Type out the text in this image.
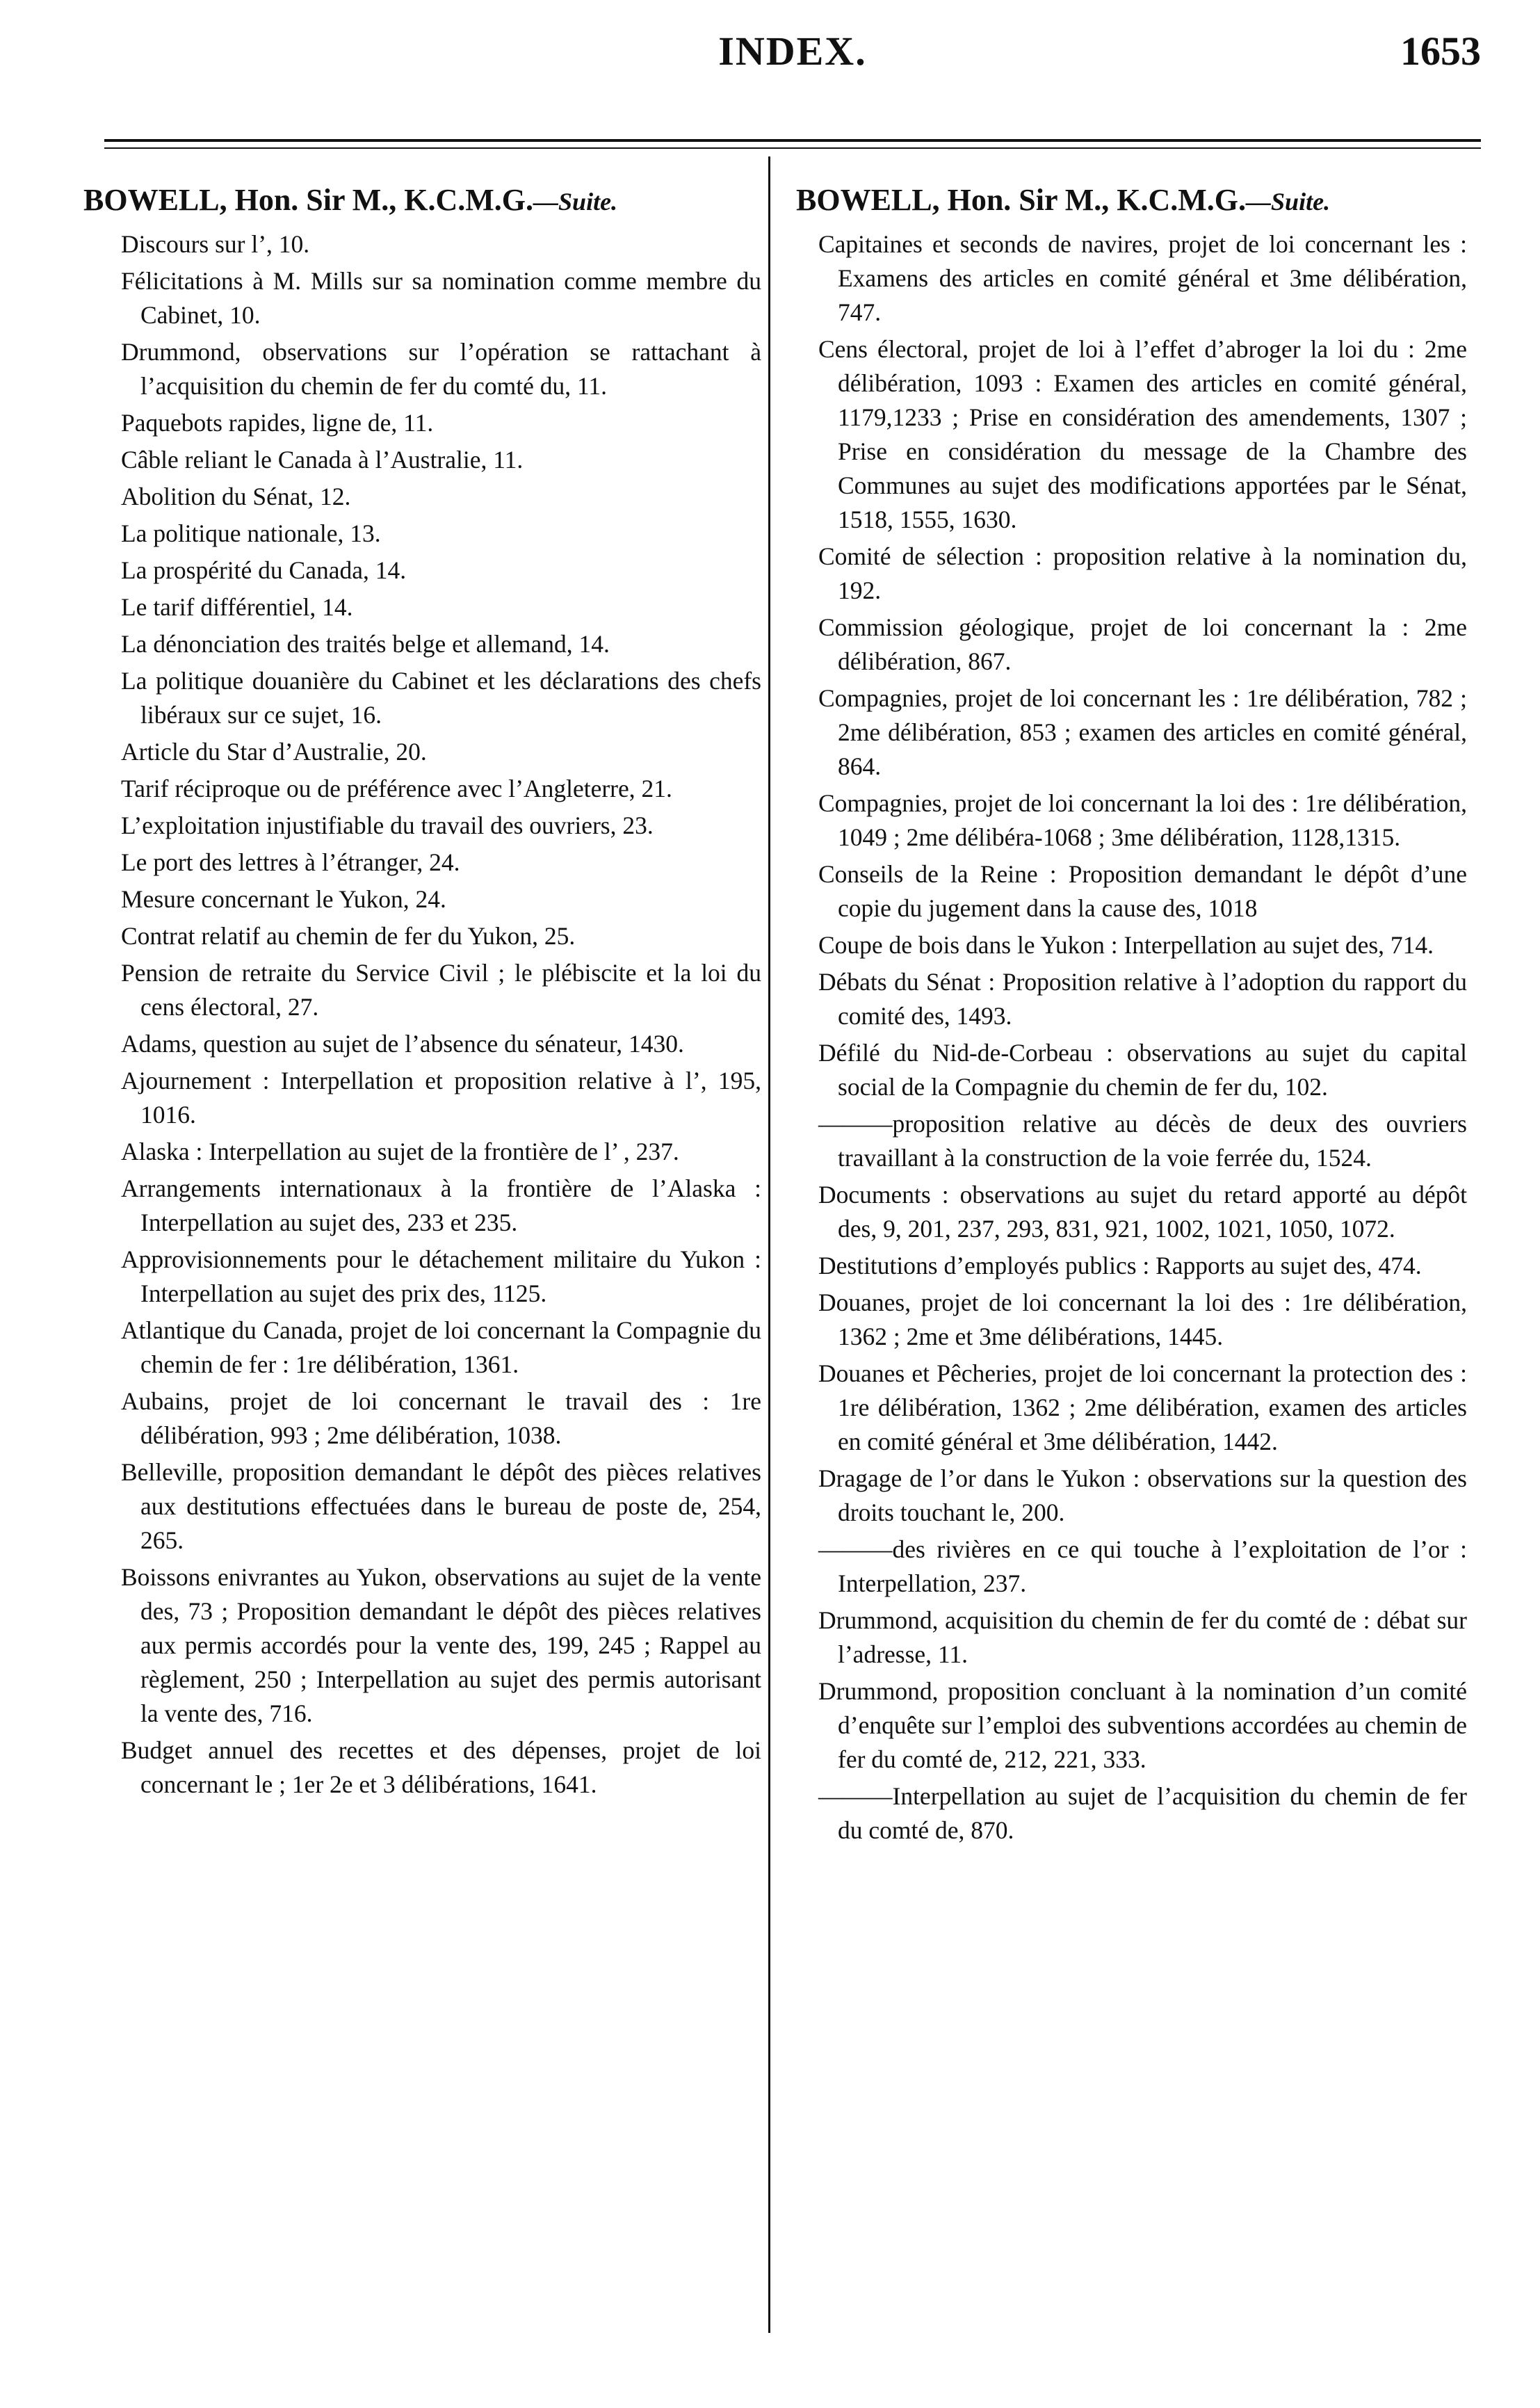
INDEX.	1653
BOWELL, Hon. Sir M., K.C.M.G.—Suite.
Discours sur l’, 10.
Félicitations à M. Mills sur sa nomination comme membre du Cabinet, 10.
Drummond, observations sur l’opération se rattachant à l’acquisition du chemin de fer du comté du, 11.
Paquebots rapides, ligne de, 11.
Câble reliant le Canada à l’Australie, 11.
Abolition du Sénat, 12.
La politique nationale, 13.
La prospérité du Canada, 14.
Le tarif différentiel, 14.
La dénonciation des traités belge et allemand, 14.
La politique douanière du Cabinet et les déclarations des chefs libéraux sur ce sujet, 16.
Article du Star d’Australie, 20.
Tarif réciproque ou de préférence avec l’Angleterre, 21.
L’exploitation injustifiable du travail des ouvriers, 23.
Le port des lettres à l’étranger, 24.
Mesure concernant le Yukon, 24.
Contrat relatif au chemin de fer du Yukon, 25.
Pension de retraite du Service Civil ; le plébiscite et la loi du cens électoral, 27.
Adams, question au sujet de l’absence du sénateur, 1430.
Ajournement : Interpellation et proposition relative à l’, 195, 1016.
Alaska : Interpellation au sujet de la frontière de l’ , 237.
Arrangements internationaux à la frontière de l’Alaska : Interpellation au sujet des, 233 et 235.
Approvisionnements pour le détachement militaire du Yukon : Interpellation au sujet des prix des, 1125.
Atlantique du Canada, projet de loi concernant la Compagnie du chemin de fer : 1re délibération, 1361.
Aubains, projet de loi concernant le travail des : 1re délibération, 993 ; 2me délibération, 1038.
Belleville, proposition demandant le dépôt des pièces relatives aux destitutions effectuées dans le bureau de poste de, 254, 265.
Boissons enivrantes au Yukon, observations au sujet de la vente des, 73 ; Proposition demandant le dépôt des pièces relatives aux permis accordés pour la vente des, 199, 245 ; Rappel au règlement, 250 ; Interpellation au sujet des permis autorisant la vente des, 716.
Budget annuel des recettes et des dépenses, projet de loi concernant le ; 1er 2e et 3 délibérations, 1641.
BOWELL, Hon. Sir M., K.C.M.G.—Suite.
Capitaines et seconds de navires, projet de loi concernant les : Examens des articles en comité général et 3me délibération, 747.
Cens électoral, projet de loi à l’effet d’abroger la loi du : 2me délibération, 1093 : Examen des articles en comité général, 1179,1233 ; Prise en considération des amendements, 1307 ; Prise en considération du message de la Chambre des Communes au sujet des modifications apportées par le Sénat, 1518, 1555, 1630.
Comité de sélection : proposition relative à la nomination du, 192.
Commission géologique, projet de loi concernant la : 2me délibération, 867.
Compagnies, projet de loi concernant les : 1re délibération, 782 ; 2me délibération, 853 ; examen des articles en comité général, 864.
Compagnies, projet de loi concernant la loi des : 1re délibération, 1049 ; 2me délibéra-1068 ; 3me délibération, 1128,1315.
Conseils de la Reine : Proposition demandant le dépôt d’une copie du jugement dans la cause des, 1018
Coupe de bois dans le Yukon : Interpellation au sujet des, 714.
Débats du Sénat : Proposition relative à l’adoption du rapport du comité des, 1493.
Défilé du Nid-de-Corbeau : observations au sujet du capital social de la Compagnie du chemin de fer du, 102.
———proposition relative au décès de deux des ouvriers travaillant à la construction de la voie ferrée du, 1524.
Documents : observations au sujet du retard apporté au dépôt des, 9, 201, 237, 293, 831, 921, 1002, 1021, 1050, 1072.
Destitutions d’employés publics : Rapports au sujet des, 474.
Douanes, projet de loi concernant la loi des : 1re délibération, 1362 ; 2me et 3me délibérations, 1445.
Douanes et Pêcheries, projet de loi concernant la protection des : 1re délibération, 1362 ; 2me délibération, examen des articles en comité général et 3me délibération, 1442.
Dragage de l’or dans le Yukon : observations sur la question des droits touchant le, 200.
———des rivières en ce qui touche à l’exploitation de l’or : Interpellation, 237.
Drummond, acquisition du chemin de fer du comté de : débat sur l’adresse, 11.
Drummond, proposition concluant à la nomination d’un comité d’enquête sur l’emploi des subventions accordées au chemin de fer du comté de, 212, 221, 333.
———Interpellation au sujet de l’acquisition du chemin de fer du comté de, 870.
